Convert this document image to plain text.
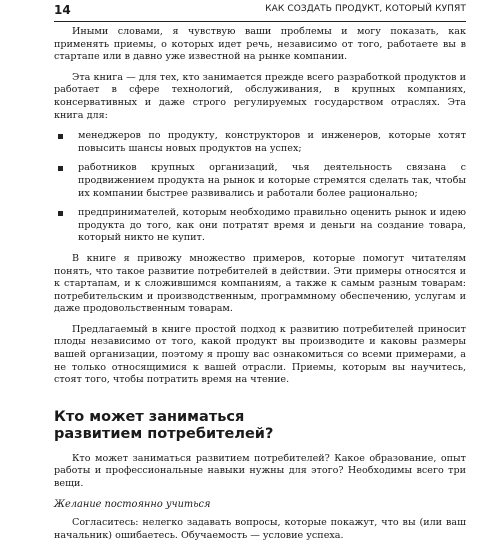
14	КАК СОЗДАТЬ ПРОДУКТ, КОТОРЫЙ КУПЯТ

Иными словами, я чувствую ваши проблемы и могу показать, как применять приемы, о которых идет речь, независимо от того, работаете вы в стартапе или в давно уже известной на рынке компании.

Эта книга — для тех, кто занимается прежде всего разработкой продуктов и работает в сфере технологий, обслуживания, в крупных компаниях, консервативных и даже строго регулируемых государством отраслях. Эта книга для:

менеджеров по продукту, конструкторов и инженеров, которые хотят повысить шансы новых продуктов на успех;
работников крупных организаций, чья деятельность связана с продвижением продукта на рынок и которые стремятся сделать так, чтобы их компании быстрее развивались и работали более рационально;
предпринимателей, которым необходимо правильно оценить рынок и идею продукта до того, как они потратят время и деньги на создание товара, который никто не купит.

В книге я привожу множество примеров, которые помогут читателям понять, что такое развитие потребителей в действии. Эти примеры относятся и к стартапам, и к сложившимся компаниям, а также к самым разным товарам: потребительским и производственным, программному обеспечению, услугам и даже продовольственным товарам.

Предлагаемый в книге простой подход к развитию потребителей приносит плоды независимо от того, какой продукт вы производите и каковы размеры вашей организации, поэтому я прошу вас ознакомиться со всеми примерами, а не только относящимися к вашей отрасли. Приемы, которым вы научитесь, стоят того, чтобы потратить время на чтение.

Кто может заниматься
развитием потребителей?

Кто может заниматься развитием потребителей? Какое образование, опыт работы и профессиональные навыки нужны для этого? Необходимы всего три вещи.

Желание постоянно учиться

Согласитесь: нелегко задавать вопросы, которые покажут, что вы (или ваш начальник) ошибаетесь. Обучаемость — условие успеха.
